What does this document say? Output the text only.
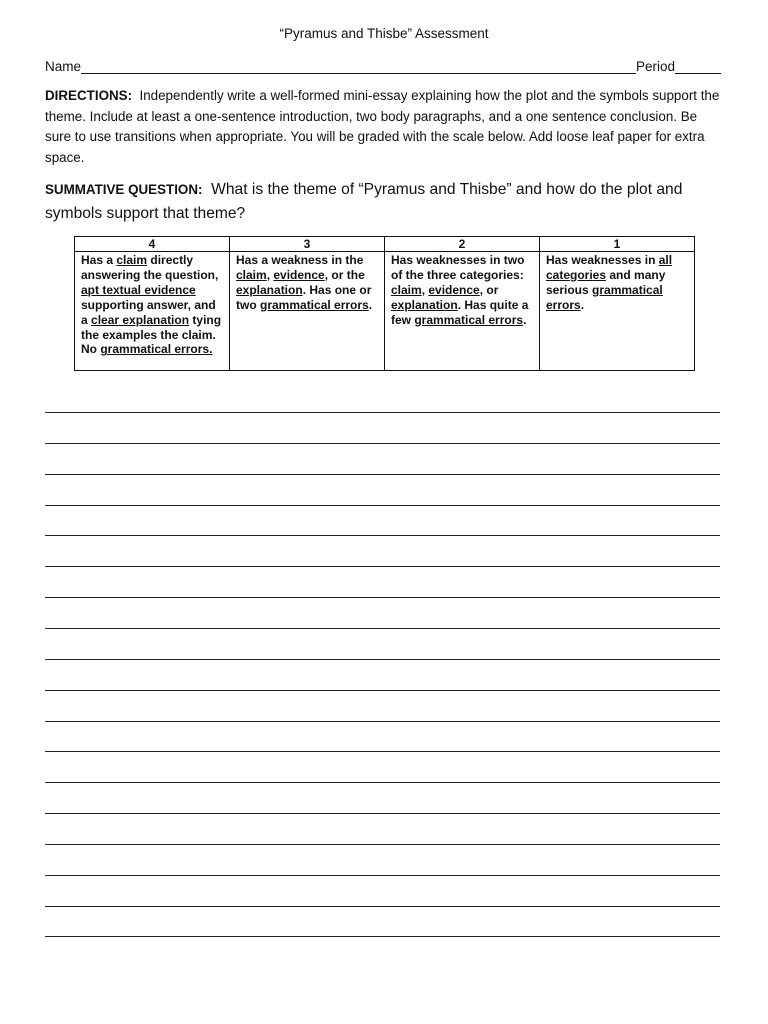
“Pyramus and Thisbe” Assessment
Name	Period
DIRECTIONS: Independently write a well-formed mini-essay explaining how the plot and the symbols support the theme. Include at least a one-sentence introduction, two body paragraphs, and a one sentence conclusion. Be sure to use transitions when appropriate. You will be graded with the scale below. Add loose leaf paper for extra space.
SUMMATIVE QUESTION: What is the theme of “Pyramus and Thisbe” and how do the plot and symbols support that theme?
4	3	2	1
Has a claim directly answering the question, apt textual evidence supporting answer, and a clear explanation tying the examples the claim. No grammatical errors.	Has a weakness in the claim, evidence, or the explanation. Has one or two grammatical errors.	Has weaknesses in two of the three categories: claim, evidence, or explanation. Has quite a few grammatical errors.	Has weaknesses in all categories and many serious grammatical errors.
